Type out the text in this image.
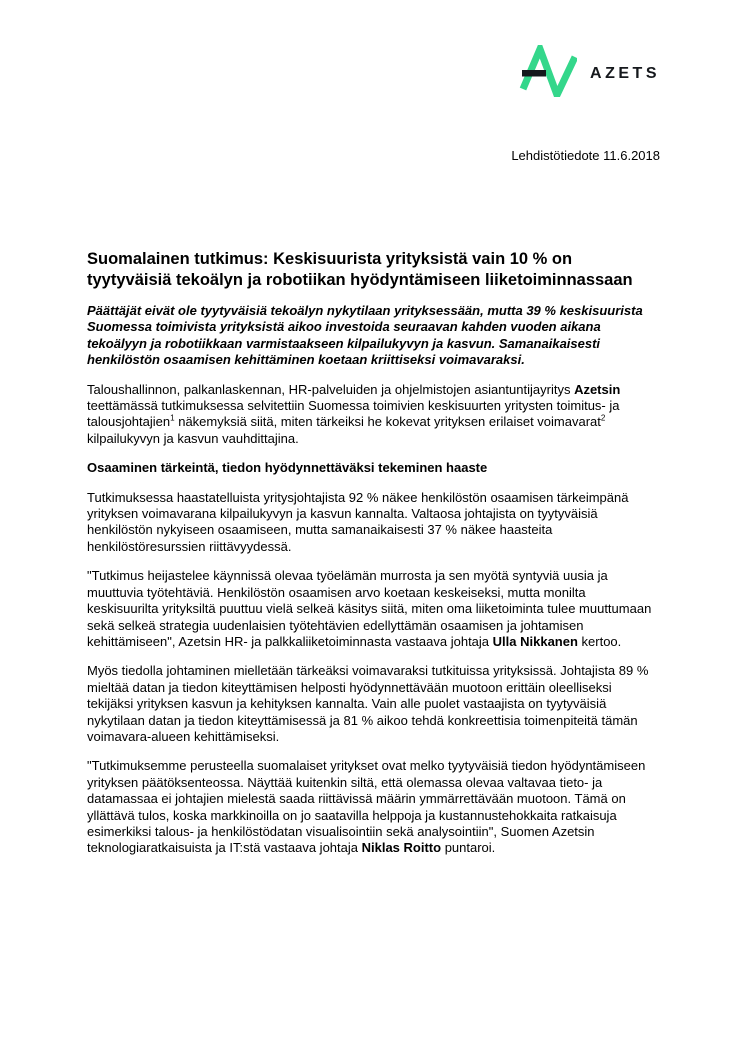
AZETS
Lehdistötiedote 11.6.2018
Suomalainen tutkimus: Keskisuurista yrityksistä vain 10 % on tyytyväisiä tekoälyn ja robotiikan hyödyntämiseen liiketoiminnassaan

Päättäjät eivät ole tyytyväisiä tekoälyn nykytilaan yrityksessään, mutta 39 % keskisuurista Suomessa toimivista yrityksistä aikoo investoida seuraavan kahden vuoden aikana tekoälyyn ja robotiikkaan varmistaakseen kilpailukyvyn ja kasvun. Samanaikaisesti henkilöstön osaamisen kehittäminen koetaan kriittiseksi voimavaraksi.

Taloushallinnon, palkanlaskennan, HR-palveluiden ja ohjelmistojen asiantuntijayritys Azetsin teettämässä tutkimuksessa selvitettiin Suomessa toimivien keskisuurten yritysten toimitus- ja talousjohtajien$^1$ näkemyksiä siitä, miten tärkeiksi he kokevat yrityksen erilaiset voimavarat$^2$ kilpailukyvyn ja kasvun vauhdittajina.

Osaaminen tärkeintä, tiedon hyödynnettäväksi tekeminen haaste

Tutkimuksessa haastatelluista yritysjohtajista 92 % näkee henkilöstön osaamisen tärkeimpänä yrityksen voimavarana kilpailukyvyn ja kasvun kannalta. Valtaosa johtajista on tyytyväisiä henkilöstön nykyiseen osaamiseen, mutta samanaikaisesti 37 % näkee haasteita henkilöstöresurssien riittävyydessä.

"Tutkimus heijastelee käynnissä olevaa työelämän murrosta ja sen myötä syntyviä uusia ja muuttuvia työtehtäviä. Henkilöstön osaamisen arvo koetaan keskeiseksi, mutta monilta keskisuurilta yrityksiltä puuttuu vielä selkeä käsitys siitä, miten oma liiketoiminta tulee muuttumaan sekä selkeä strategia uudenlaisien työtehtävien edellyttämän osaamisen ja johtamisen kehittämiseen", Azetsin HR- ja palkkaliiketoiminnasta vastaava johtaja Ulla Nikkanen kertoo.

Myös tiedolla johtaminen mielletään tärkeäksi voimavaraksi tutkituissa yrityksissä. Johtajista 89 % mieltää datan ja tiedon kiteyttämisen helposti hyödynnettävään muotoon erittäin oleelliseksi tekijäksi yrityksen kasvun ja kehityksen kannalta. Vain alle puolet vastaajista on tyytyväisiä nykytilaan datan ja tiedon kiteyttämisessä ja 81 % aikoo tehdä konkreettisia toimenpiteitä tämän voimavara-alueen kehittämiseksi.

"Tutkimuksemme perusteella suomalaiset yritykset ovat melko tyytyväisiä tiedon hyödyntämiseen yrityksen päätöksenteossa. Näyttää kuitenkin siltä, että olemassa olevaa valtavaa tieto- ja datamassaa ei johtajien mielestä saada riittävissä määrin ymmärrettävään muotoon. Tämä on yllättävä tulos, koska markkinoilla on jo saatavilla helppoja ja kustannustehokkaita ratkaisuja esimerkiksi talous- ja henkilöstödatan visualisointiin sekä analysointiin", Suomen Azetsin teknologiaratkaisuista ja IT:stä vastaava johtaja Niklas Roitto puntaroi.
